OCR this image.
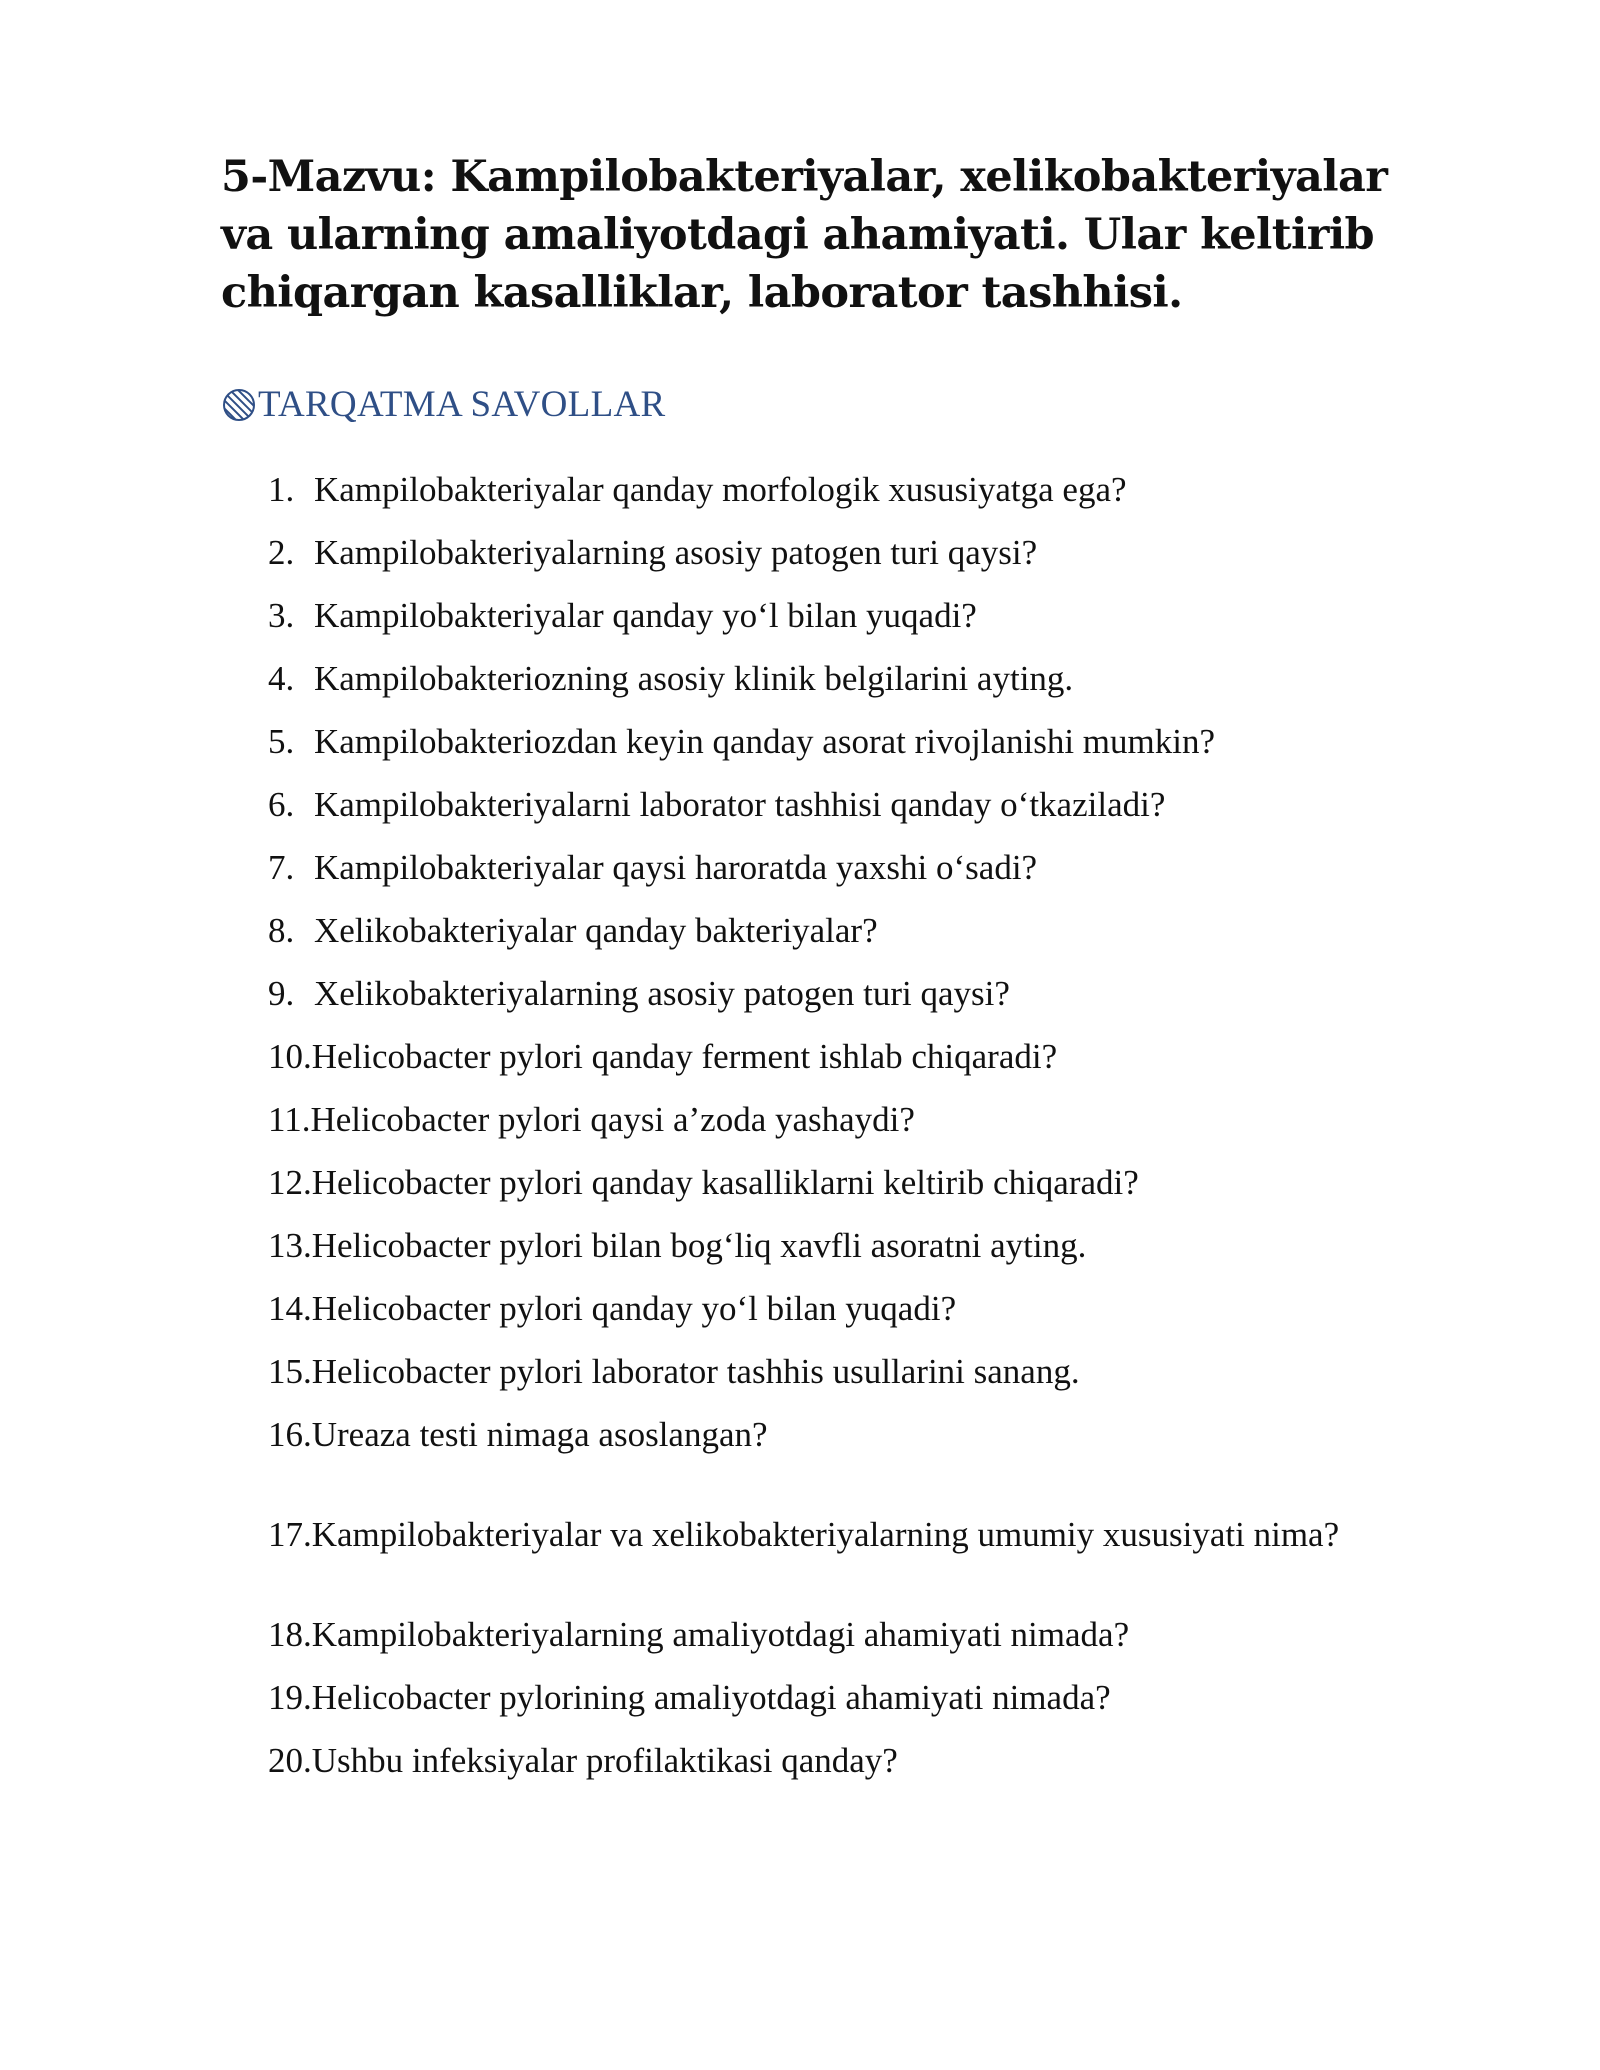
5-Mazvu: Kampilobakteriyalar, xelikobakteriyalar va ularning amaliyotdagi ahamiyati. Ular keltirib chiqargan kasalliklar, laborator tashhisi.
TARQATMA SAVOLLAR
1. Kampilobakteriyalar qanday morfologik xususiyatga ega?
2. Kampilobakteriyalarning asosiy patogen turi qaysi?
3. Kampilobakteriyalar qanday yo‘l bilan yuqadi?
4. Kampilobakteriozning asosiy klinik belgilarini ayting.
5. Kampilobakteriozdan keyin qanday asorat rivojlanishi mumkin?
6. Kampilobakteriyalarni laborator tashhisi qanday o‘tkaziladi?
7. Kampilobakteriyalar qaysi haroratda yaxshi o‘sadi?
8. Xelikobakteriyalar qanday bakteriyalar?
9. Xelikobakteriyalarning asosiy patogen turi qaysi?
10.Helicobacter pylori qanday ferment ishlab chiqaradi?
11.Helicobacter pylori qaysi a’zoda yashaydi?
12.Helicobacter pylori qanday kasalliklarni keltirib chiqaradi?
13.Helicobacter pylori bilan bog‘liq xavfli asoratni ayting.
14.Helicobacter pylori qanday yo‘l bilan yuqadi?
15.Helicobacter pylori laborator tashhis usullarini sanang.
16.Ureaza testi nimaga asoslangan?
17.Kampilobakteriyalar va xelikobakteriyalarning umumiy xususiyati nima?
18.Kampilobakteriyalarning amaliyotdagi ahamiyati nimada?
19.Helicobacter pylorining amaliyotdagi ahamiyati nimada?
20.Ushbu infeksiyalar profilaktikasi qanday?
